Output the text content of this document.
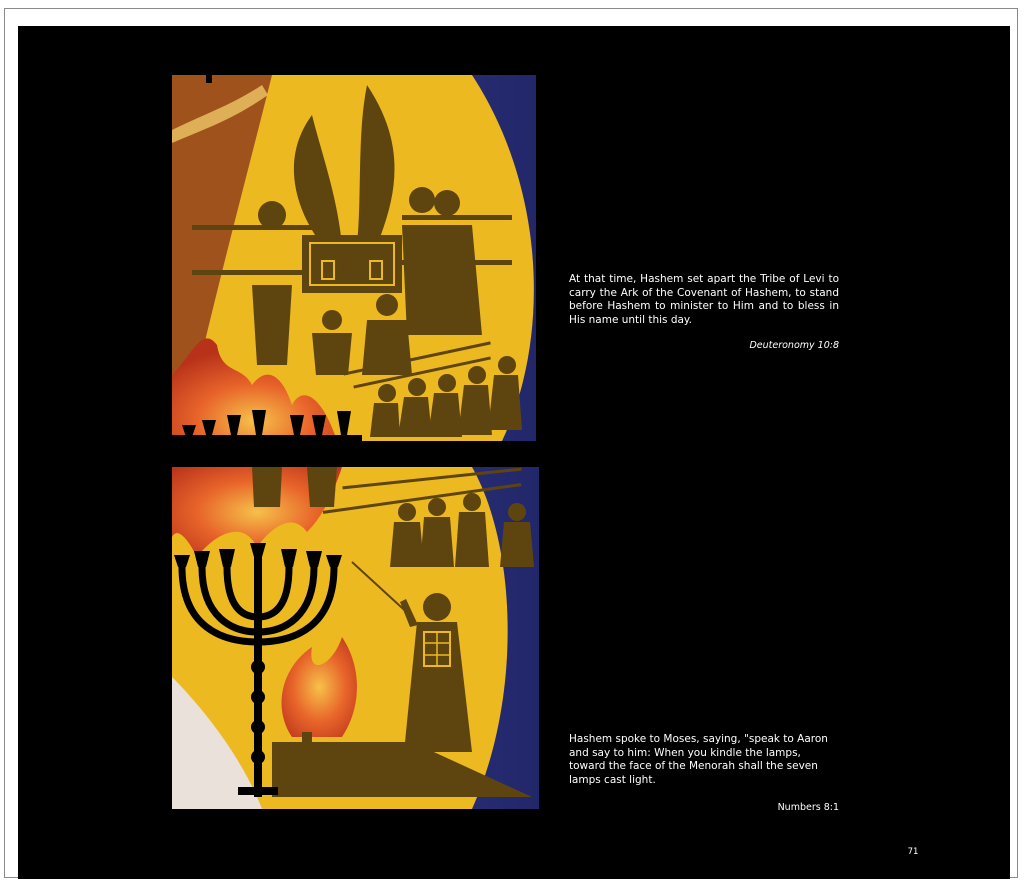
At that time, Hashem set apart the Tribe of Levi to carry the Ark of the Covenant of Hashem, to stand before Hashem to minister to Him and to bless in His name until this day.

Deuteronomy 10:8

Hashem spoke to Moses, saying, "speak to Aaron and say to him: When you kindle the lamps, toward the face of the Menorah shall the seven lamps cast light.

Numbers 8:1

71
